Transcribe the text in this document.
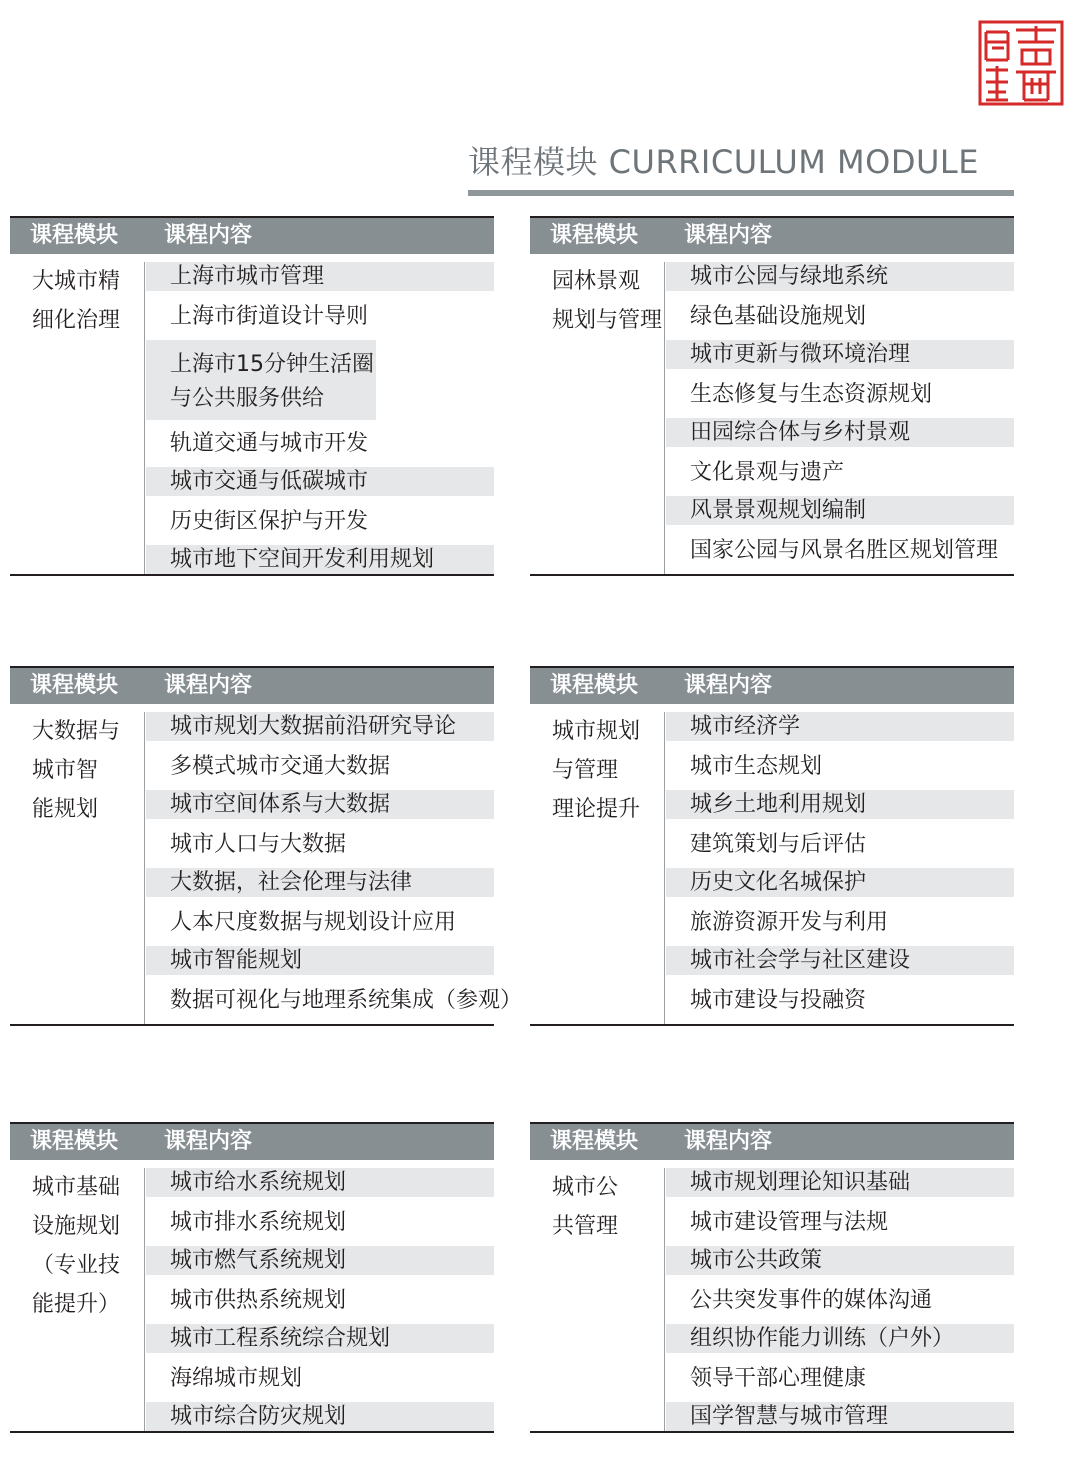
课程模块 CURRICULUM MODULE
课程模块 课程内容
大城市精
细化治理
上海市城市管理
上海市街道设计导则
上海市15分钟生活圈与公共服务供给
轨道交通与城市开发
城市交通与低碳城市
历史街区保护与开发
城市地下空间开发利用规划
课程模块 课程内容
园林景观
规划与管理
城市公园与绿地系统
绿色基础设施规划
城市更新与微环境治理
生态修复与生态资源规划
田园综合体与乡村景观
文化景观与遗产
风景景观规划编制
国家公园与风景名胜区规划管理
课程模块 课程内容
大数据与
城市智
能规划
城市规划大数据前沿研究导论
多模式城市交通大数据
城市空间体系与大数据
城市人口与大数据
大数据，社会伦理与法律
人本尺度数据与规划设计应用
城市智能规划
数据可视化与地理系统集成（参观）
课程模块 课程内容
城市规划
与管理
理论提升
城市经济学
城市生态规划
城乡土地利用规划
建筑策划与后评估
历史文化名城保护
旅游资源开发与利用
城市社会学与社区建设
城市建设与投融资
课程模块 课程内容
城市基础
设施规划
（专业技
能提升）
城市给水系统规划
城市排水系统规划
城市燃气系统规划
城市供热系统规划
城市工程系统综合规划
海绵城市规划
城市综合防灾规划
课程模块 课程内容
城市公
共管理
城市规划理论知识基础
城市建设管理与法规
城市公共政策
公共突发事件的媒体沟通
组织协作能力训练（户外）
领导干部心理健康
国学智慧与城市管理
